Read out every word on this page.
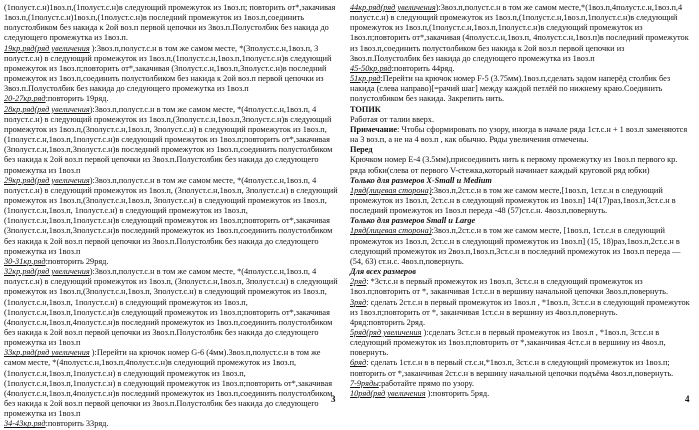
(1полуст.с.н)1воз.п,(1полуст.с.н)в следующий промежуток из 1воз.п; повторить от*,закачивая 1воз.п,(1полуст.с.н)1воз.п,(1полуст.с.н)в последний промежуток из 1воз.п,соединить полустолбиком без накида к 2ой воз.п первой цепочки из 3воз.п.Полустолбик без накида до следующего промежутка из 1воз.п.

19кр.ряд(ряд увеличения ):3воз.п,полуст.с.н в том же самом месте, *(3полуст.с.н,1воз.п, 3 полуст.с.н) в следующий промежуток из 1воз.п,(1полуст.с.н,1воз.п,1полуст.с.н)в следующий промежуток из 1воз.п;повторить от*,закачивая (3полуст.с.н,1воз.п,3полуст.с.н)в последний промежуток из 1воз.п,соединить полустолбиком без накида к 2ой воз.п первой цепочки из 3воз.п.Полустолбик без накида до следующего промежутка из 1воз.п

20-27кр.ряд:повторить 19ряд.

28кр.ряд(ряд увеличения):3воз.п,полуст.с.н в том же самом месте, *(4полуст.с.н,1воз.п, 4 полуст.с.н) в следующий промежуток из 1воз.п,(3полуст.с.н,1воз.п,3полуст.с.н)в следующий промежуток из 1воз.п,(3полуст.с.н,1воз.п, 3полуст.с.н) в следующий промежуток из 1воз.п,(1полуст.с.н,1воз.п,1полуст.с.н)в следующий промежуток из 1воз.п;повторить от*,закачивая (3полуст.с.н,1воз.п,3полуст.с.н)в последний промежуток из 1воз.п,соединить полустолбиком без накида к 2ой воз.п первой цепочки из 3воз.п.Полустолбик без накида до следующего промежутка из 1воз.п

29кр.ряд(ряд увеличения):3воз.п,полуст.с.н в том же самом месте, *(4полуст.с.н,1воз.п, 4 полуст.с.н) в следующий промежуток из 1воз.п, (3полуст.с.н,1воз.п, 3полуст.с.н) в следующий промежуток из 1воз.п,(3полуст.с.н,1воз.п, 3полуст.с.н) в следующий промежуток из 1воз.п, (1полуст.с.н,1воз.п, 1полуст.с.н) в следующий промежуток из 1воз.п, (1полуст.с.н,1воз.п,1полуст.с.н)в следующий промежуток из 1воз.п;повторить от*,закачивая (3полуст.с.н,1воз.п,3полуст.с.н)в последний промежуток из 1воз.п,соединить полустолбиком без накида к 2ой воз.п первой цепочки из 3воз.п.Полустолбик без накида до следующего промежутка из 1воз.п

30-31кр.ряд:повторить 29ряд.

32кр.ряд(ряд увеличения):3воз.п,полуст.с.н в том же самом месте, *(4полуст.с.н,1воз.п, 4 полуст.с.н) в следующий промежуток из 1воз.п, (3полуст.с.н,1воз.п, 3полуст.с.н) в следующий промежуток из 1воз.п,(3полуст.с.н,1воз.п, 3полуст.с.н) в следующий промежуток из 1воз.п, (1полуст.с.н,1воз.п, 1полуст.с.н) в следующий промежуток из 1воз.п, (1полуст.с.н,1воз.п,1полуст.с.н)в следующий промежуток из 1воз.п;повторить от*,закачивая (4полуст.с.н,1воз.п,4полуст.с.н)в последний промежуток из 1воз.п,соединить полустолбиком без накида к 2ой воз.п первой цепочки из 3воз.п.Полустолбик без накида до следующего промежутка из 1воз.п

33кр.ряд(ряд увеличения ):Перейти на крючок номер G-6 (4мм).3воз.п,полуст.с.н в том же самом месте, *(4полуст.с.н,1воз.п,4полуст.с.н)в следующий промежуток из 1воз.п, (1полуст.с.н,1воз.п,1полуст.с.н) в следующий промежуток из 1воз.п,(1полуст.с.н,1воз.п,1полуст.с.н) в следующий промежуток из 1воз.п;повторить от*,закачивая (4полуст.с.н,1воз.п,4полуст.с.н)в последний промежуток из 1воз.п,соединить полустолбиком без накида к 2ой воз.п первой цепочки из 3воз.п.Полустолбик без накида до следующего промежутка из 1воз.п

34-43кр.ряд:повторить 33ряд.

44кр.ряд(ряд увеличения):3воз.п,полуст.с.н в том же самом месте,*(1воз.п,4полуст.с.н,1воз.п,4 полуст.с.н) в следующий промежуток из 1воз.п,(1полуст.с.н,1воз.п,1полуст.с.н)в следующий промежуток из 1воз.п,(1полуст.с.н,1воз.п,1полуст.с.н)в следующий промежуток из 1воз.п;повторить от*,закачивая (4полуст.с.н,1воз.п, 4полуст.с.н,1воз.п)в последний промежуток из 1воз.п,соединить полустолбиком без накида к 2ой воз.п первой цепочки из 3воз.п.Полустолбик без накида до следующего промежутка из 1воз.п

45-50кр.ряд:повторить 44ряд.

51кр.ряд:Перейти на крючок номер F-5 (3.75мм).1воз.п,сделать задом наперёд столбик без накида (слева направо)[=рачий шаг] между каждой петлёй по нижнему краю.Соединить полустолбиком без накида. Закрепить нить.

ТОПИК

Работая от талии вверх.

Примечание: Чтобы сформировать по узору, иногда в начале ряда 1ст.с.н + 1 воз.п заменяются на 3 воз.п, а не на 4 воз.п , как обычно. Ряды увеличения отмечены.

Перед

Крючком номер Е-4 (3.5мм),присоединить нить к первому промежутку из 1воз.п первого кр. ряда юбки(слева от первого V-стежка,который начинает каждый круговой ряд юбки)

Только для размеров X-Small и Medium

1ряд(лицевая сторона):3воз.п,2ст.с.н в том же самом месте,[1воз.п, 1ст.с.н в следующий промежуток из 1воз.п, 2ст.с.н в следующий промежуток из 1воз.п] 14(17)раз,1воз.п,3ст.с.н в последний промежуток из 1воз.п переда -48 (57)ст.с.н. 4воз.п,повернуть.

Только для размеров Small и Large

1ряд(лицевая сторона):3воз.п,2ст.с.н в том же самом месте, [1воз.п, 1ст.с.н в следующий промежуток из 1воз.п, 2ст.с.н в следующий промежуток из 1воз.п] (15, 18)раз,1воз.п,2ст.с.н в следующий промежуток из 2воз.п,1воз.п,3ст.с.н в последний промежуток из 1воз.п переда — (54, 63) ст.н.с. 4воз.п,повернуть.

Для всех размеров

2ряд: *3ст.с.н в первый промежуток из 1воз.п, 3ст.с.н в следующий промежуток из 1воз.п;повторить от *, заканчивая 1ст.с.н в вершину начальной цепочки 3воз.п,повернуть.

3ряд: сделать 2ст.с.н в первый промежуток из 1воз.п , *1воз.п, 3ст.с.н в следующий промежуток из 1воз.п;повторить от *, заканчивая 1ст.с.н в вершину из 4воз.п,повернуть.

4ряд:повторить 2ряд.

5ряд(ряд увеличения ):сделать 3ст.с.н в первый промежуток из 1воз.п , *1воз.п, 3ст.с.н в следующий промежуток из 1воз.п;повторить от *,заканчивая 4ст.с.н в вершину из 4воз.п, повернуть.

6ряд: сделать 1ст.с.н в в первый ст.с.н,*1воз.п, 3ст.с.н в следующий промежуток из 1воз.п; повторить от *,заканчивая 2ст.с.н в вершину начальной цепочки подъёма 4воз.п,повернуть.

7-9ряды:работайте прямо по узору.

10ряд(ряд увеличения ):повторить 5ряд.

3	4
